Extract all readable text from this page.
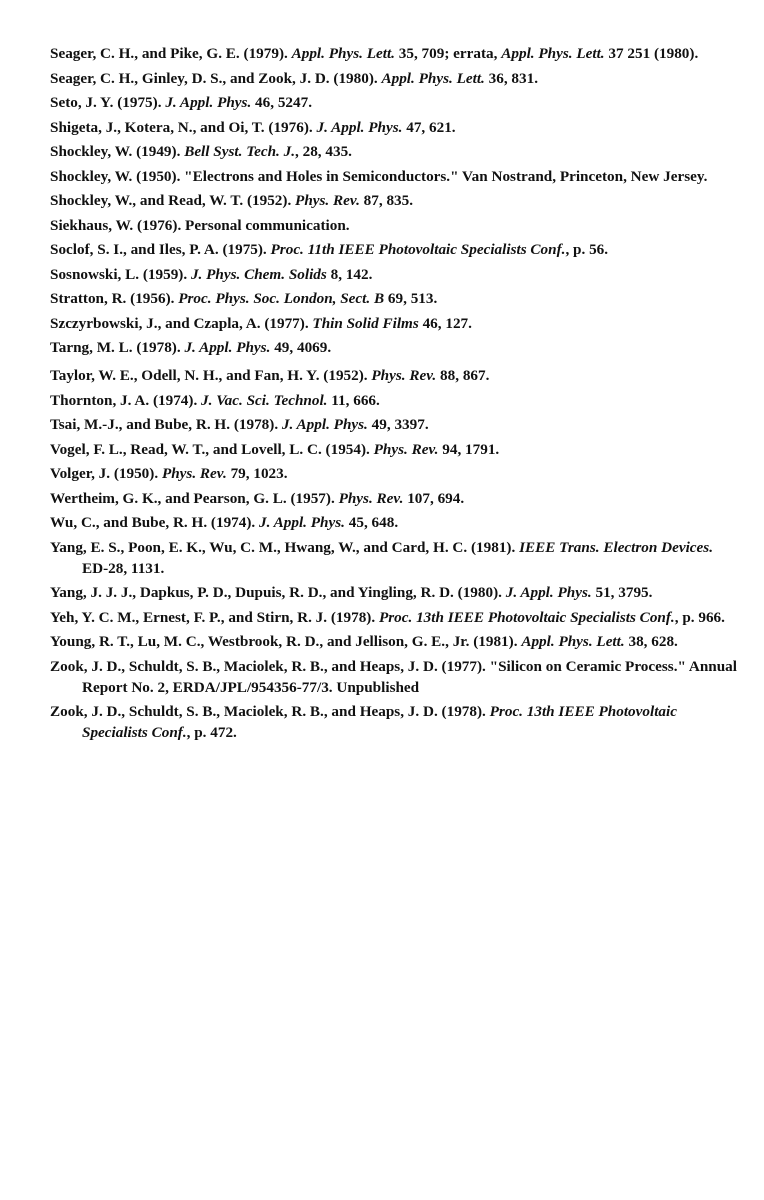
Seager, C. H., and Pike, G. E. (1979). Appl. Phys. Lett. 35, 709; errata, Appl. Phys. Lett. 37 251 (1980).
Seager, C. H., Ginley, D. S., and Zook, J. D. (1980). Appl. Phys. Lett. 36, 831.
Seto, J. Y. (1975). J. Appl. Phys. 46, 5247.
Shigeta, J., Kotera, N., and Oi, T. (1976). J. Appl. Phys. 47, 621.
Shockley, W. (1949). Bell Syst. Tech. J., 28, 435.
Shockley, W. (1950). "Electrons and Holes in Semiconductors." Van Nostrand, Princeton, New Jersey.
Shockley, W., and Read, W. T. (1952). Phys. Rev. 87, 835.
Siekhaus, W. (1976). Personal communication.
Soclof, S. I., and Iles, P. A. (1975). Proc. 11th IEEE Photovoltaic Specialists Conf., p. 56.
Sosnowski, L. (1959). J. Phys. Chem. Solids 8, 142.
Stratton, R. (1956). Proc. Phys. Soc. London, Sect. B 69, 513.
Szczyrbowski, J., and Czapla, A. (1977). Thin Solid Films 46, 127.
Tarng, M. L. (1978). J. Appl. Phys. 49, 4069.
Taylor, W. E., Odell, N. H., and Fan, H. Y. (1952). Phys. Rev. 88, 867.
Thornton, J. A. (1974). J. Vac. Sci. Technol. 11, 666.
Tsai, M.-J., and Bube, R. H. (1978). J. Appl. Phys. 49, 3397.
Vogel, F. L., Read, W. T., and Lovell, L. C. (1954). Phys. Rev. 94, 1791.
Volger, J. (1950). Phys. Rev. 79, 1023.
Wertheim, G. K., and Pearson, G. L. (1957). Phys. Rev. 107, 694.
Wu, C., and Bube, R. H. (1974). J. Appl. Phys. 45, 648.
Yang, E. S., Poon, E. K., Wu, C. M., Hwang, W., and Card, H. C. (1981). IEEE Trans. Electron Devices. ED-28, 1131.
Yang, J. J. J., Dapkus, P. D., Dupuis, R. D., and Yingling, R. D. (1980). J. Appl. Phys. 51, 3795.
Yeh, Y. C. M., Ernest, F. P., and Stirn, R. J. (1978). Proc. 13th IEEE Photovoltaic Specialists Conf., p. 966.
Young, R. T., Lu, M. C., Westbrook, R. D., and Jellison, G. E., Jr. (1981). Appl. Phys. Lett. 38, 628.
Zook, J. D., Schuldt, S. B., Maciolek, R. B., and Heaps, J. D. (1977). "Silicon on Ceramic Process." Annual Report No. 2, ERDA/JPL/954356-77/3. Unpublished
Zook, J. D., Schuldt, S. B., Maciolek, R. B., and Heaps, J. D. (1978). Proc. 13th IEEE Photovoltaic Specialists Conf., p. 472.
